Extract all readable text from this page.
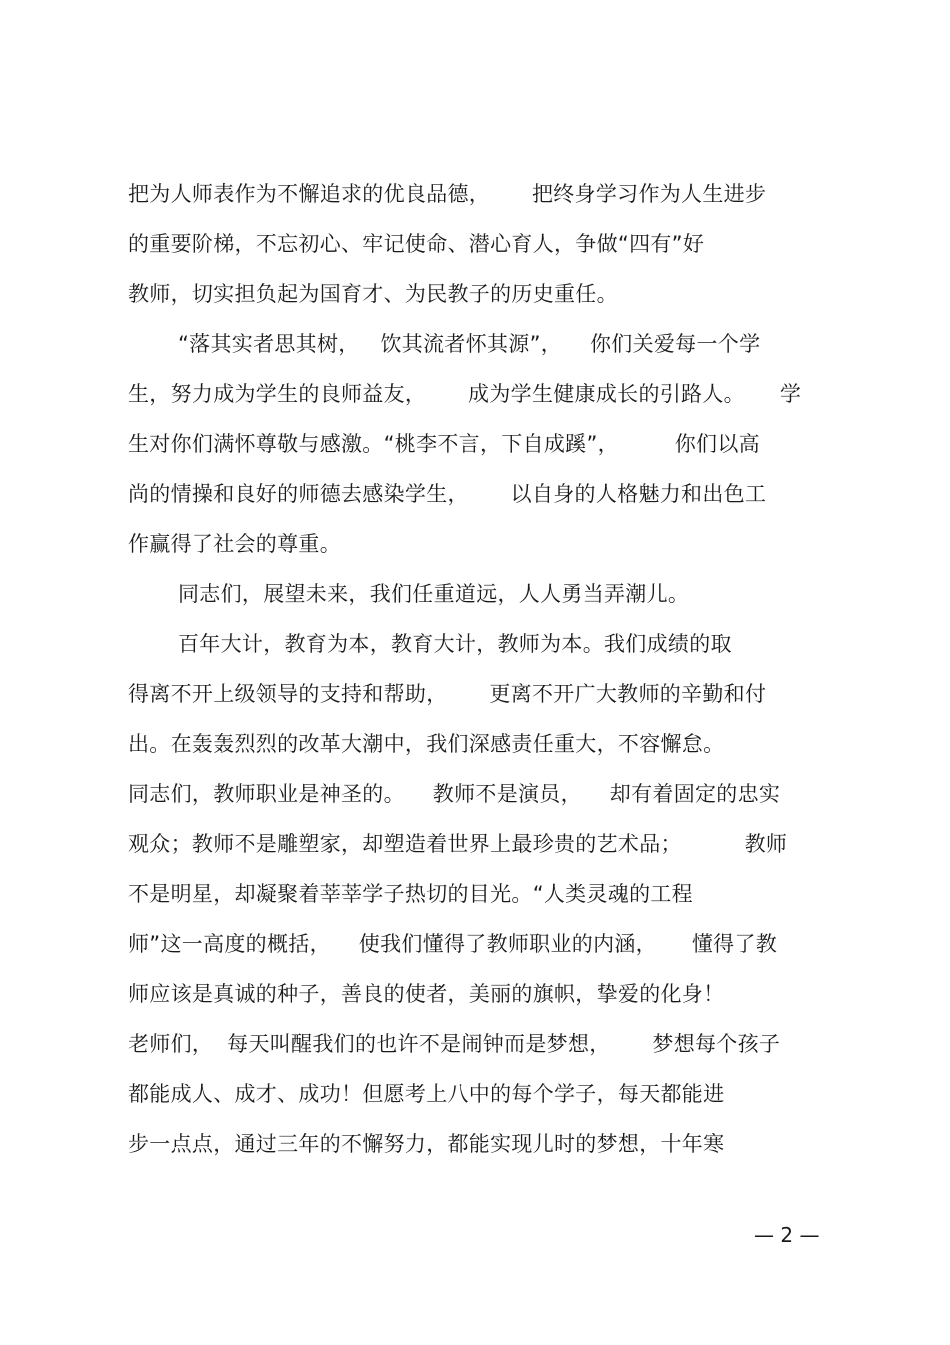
把为人师表作为不懈追求的优良品德，      把终身学习作为人生进步
的重要阶梯，不忘初心、牢记使命、潜心育人，争做“四有”好
教师，切实担负起为国育才、为民教子的历史重任。
“落其实者思其树，   饮其流者怀其源”，    你们关爱每一个学
生，努力成为学生的良师益友，      成为学生健康成长的引路人。     学
生对你们满怀尊敬与感激。“桃李不言，下自成蹊”，        你们以高
尚的情操和良好的师德去感染学生，      以自身的人格魅力和出色工
作赢得了社会的尊重。
同志们，展望未来，我们任重道远，人人勇当弄潮儿。
百年大计，教育为本，教育大计，教师为本。我们成绩的取
得离不开上级领导的支持和帮助，      更离不开广大教师的辛勤和付
出。在轰轰烈烈的改革大潮中，我们深感责任重大，不容懈怠。
同志们，教师职业是神圣的。    教师不是演员，    却有着固定的忠实
观众；教师不是雕塑家，却塑造着世界上最珍贵的艺术品；         教师
不是明星，却凝聚着莘莘学子热切的目光。“人类灵魂的工程
师”这一高度的概括，    使我们懂得了教师职业的内涵，     懂得了教
师应该是真诚的种子，善良的使者，美丽的旗帜，挚爱的化身！
老师们，  每天叫醒我们的也许不是闹钟而是梦想，      梦想每个孩子
都能成人、成才、成功！但愿考上八中的每个学子，每天都能进
步一点点，通过三年的不懈努力，都能实现儿时的梦想，十年寒
— 2 —
